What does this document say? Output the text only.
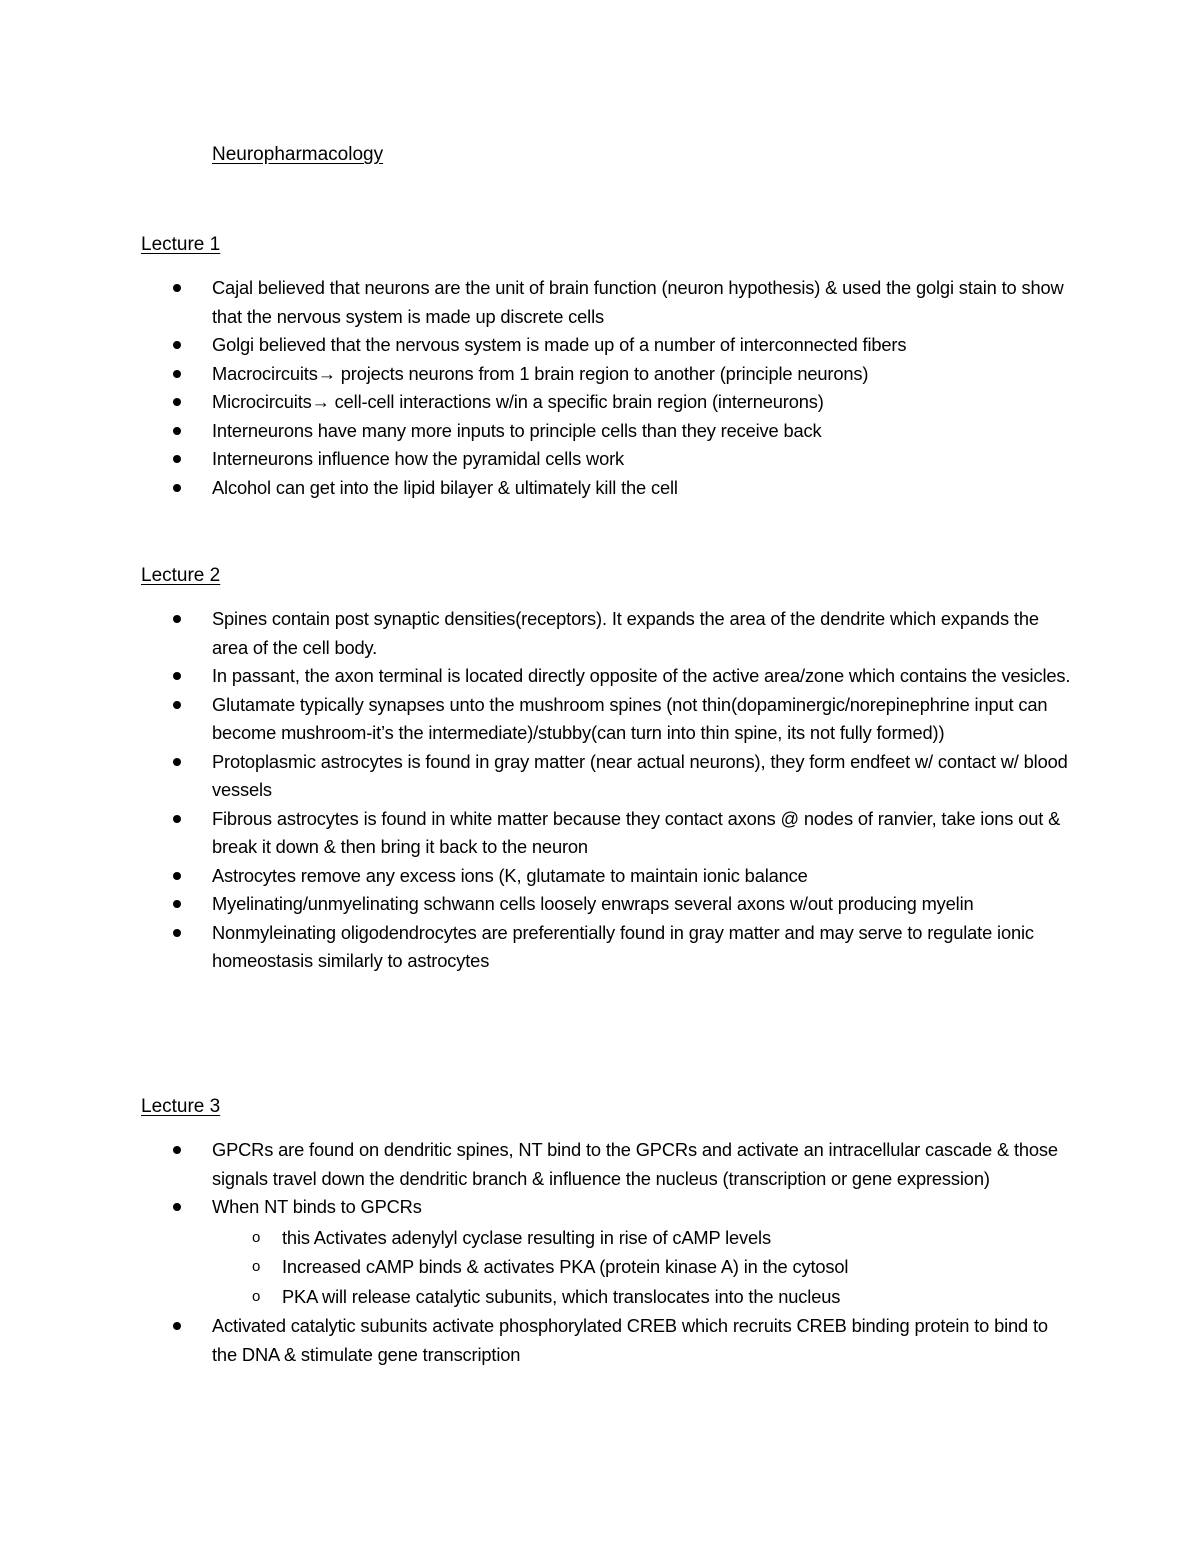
Neuropharmacology
Lecture 1
Cajal believed that neurons are the unit of brain function (neuron hypothesis) & used the golgi stain to show that the nervous system is made up discrete cells
Golgi believed that the nervous system is made up of a number of interconnected fibers
Macrocircuits→ projects neurons from 1 brain region to another (principle neurons)
Microcircuits→ cell-cell interactions w/in a specific brain region (interneurons)
Interneurons have many more inputs to principle cells than they receive back
Interneurons influence how the pyramidal cells work
Alcohol can get into the lipid bilayer & ultimately kill the cell
Lecture 2
Spines contain post synaptic densities(receptors). It expands the area of the dendrite which expands the area of the cell body.
In passant, the axon terminal is located directly opposite of the active area/zone which contains the vesicles.
Glutamate typically synapses unto the mushroom spines (not thin(dopaminergic/norepinephrine input can become mushroom-it’s the intermediate)/stubby(can turn into thin spine, its not fully formed))
Protoplasmic astrocytes is found in gray matter (near actual neurons), they form endfeet w/ contact w/ blood vessels
Fibrous astrocytes is found in white matter because they contact axons @ nodes of ranvier, take ions out & break it down & then bring it back to the neuron
Astrocytes remove any excess ions (K, glutamate to maintain ionic balance
Myelinating/unmyelinating schwann cells loosely enwraps several axons w/out producing myelin
Nonmyleinating oligodendrocytes are preferentially found in gray matter and may serve to regulate ionic homeostasis similarly to astrocytes
Lecture 3
GPCRs are found on dendritic spines, NT bind to the GPCRs and activate an intracellular cascade & those signals travel down the dendritic branch & influence the nucleus (transcription or gene expression)
When NT binds to GPCRs
o this Activates adenylyl cyclase resulting in rise of cAMP levels
o Increased cAMP binds & activates PKA (protein kinase A) in the cytosol
o PKA will release catalytic subunits, which translocates into the nucleus
Activated catalytic subunits activate phosphorylated CREB which recruits CREB binding protein to bind to the DNA & stimulate gene transcription
